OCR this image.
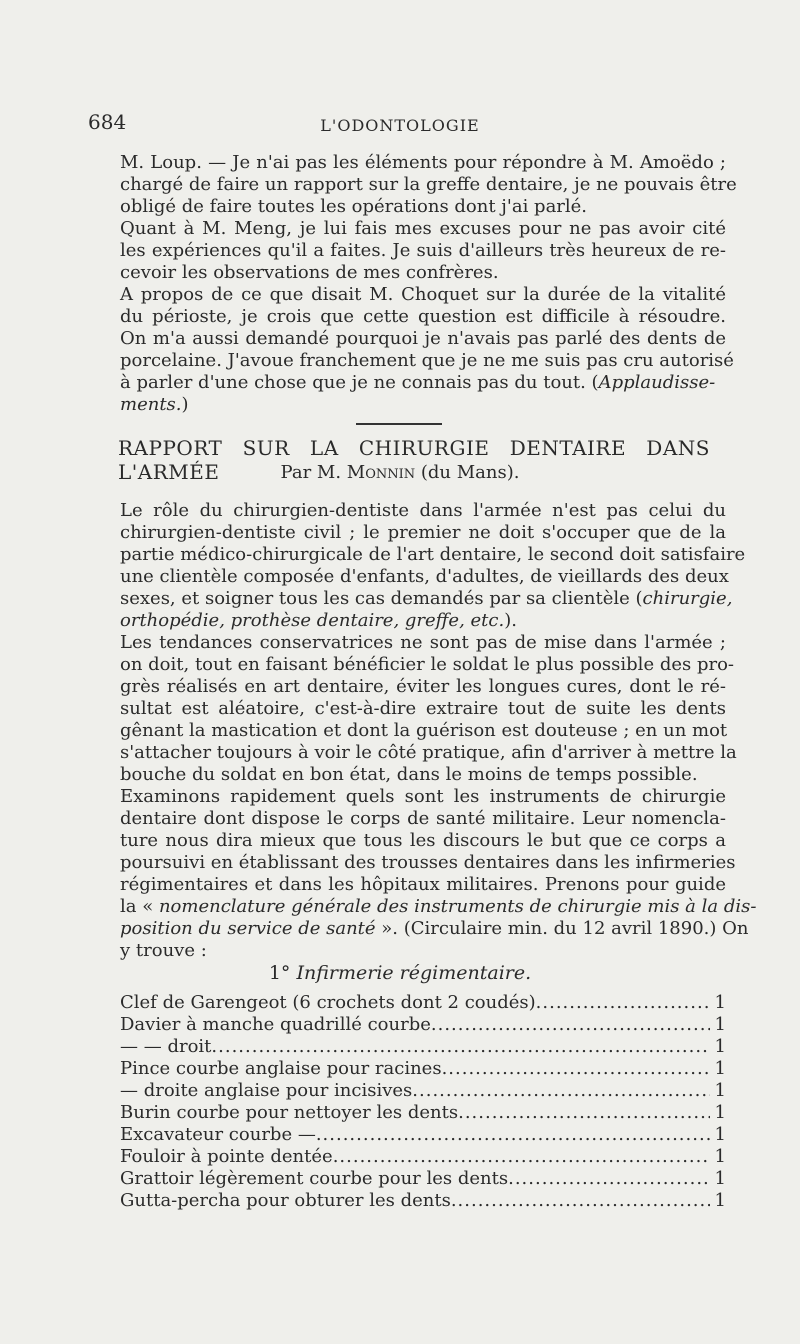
684	L'ODONTOLOGIE
M. Loup. — Je n'ai pas les éléments pour répondre à M. Amoëdo ;
chargé de faire un rapport sur la greffe dentaire, je ne pouvais être
obligé de faire toutes les opérations dont j'ai parlé.
Quant à M. Meng, je lui fais mes excuses pour ne pas avoir cité
les expériences qu'il a faites. Je suis d'ailleurs très heureux de re-
cevoir les observations de mes confrères.
A propos de ce que disait M. Choquet sur la durée de la vitalité
du périoste, je crois que cette question est difficile à résoudre.
On m'a aussi demandé pourquoi je n'avais pas parlé des dents de
porcelaine. J'avoue franchement que je ne me suis pas cru autorisé
à parler d'une chose que je ne connais pas du tout. (Applaudisse-
ments.)
RAPPORT SUR LA CHIRURGIE DENTAIRE DANS L'ARMÉE	Par M. Monnin (du Mans).
Le rôle du chirurgien-dentiste dans l'armée n'est pas celui du
chirurgien-dentiste civil ; le premier ne doit s'occuper que de la
partie médico-chirurgicale de l'art dentaire, le second doit satisfaire
une clientèle composée d'enfants, d'adultes, de vieillards des deux
sexes, et soigner tous les cas demandés par sa clientèle (chirurgie,
orthopédie, prothèse dentaire, greffe, etc.).
Les tendances conservatrices ne sont pas de mise dans l'armée ;
on doit, tout en faisant bénéficier le soldat le plus possible des pro-
grès réalisés en art dentaire, éviter les longues cures, dont le ré-
sultat est aléatoire, c'est-à-dire extraire tout de suite les dents
gênant la mastication et dont la guérison est douteuse ; en un mot
s'attacher toujours à voir le côté pratique, afin d'arriver à mettre la
bouche du soldat en bon état, dans le moins de temps possible.
Examinons rapidement quels sont les instruments de chirurgie
dentaire dont dispose le corps de santé militaire. Leur nomencla-
ture nous dira mieux que tous les discours le but que ce corps a
poursuivi en établissant des trousses dentaires dans les infirmeries
régimentaires et dans les hôpitaux militaires. Prenons pour guide
la « nomenclature générale des instruments de chirurgie mis à la dis-
position du service de santé ». (Circulaire min. du 12 avril 1890.) On
y trouve :
1° Infirmerie régimentaire.
Clef de Garengeot (6 crochets dont 2 coudés) .....	1
Davier à manche quadrillé courbe .....	1
— — droit .....	1
Pince courbe anglaise pour racines .....	1
— droite anglaise pour incisives .....	1
Burin courbe pour nettoyer les dents .....	1
Excavateur courbe — .....	1
Fouloir à pointe dentée .....	1
Grattoir légèrement courbe pour les dents .....	1
Gutta-percha pour obturer les dents .....	1
